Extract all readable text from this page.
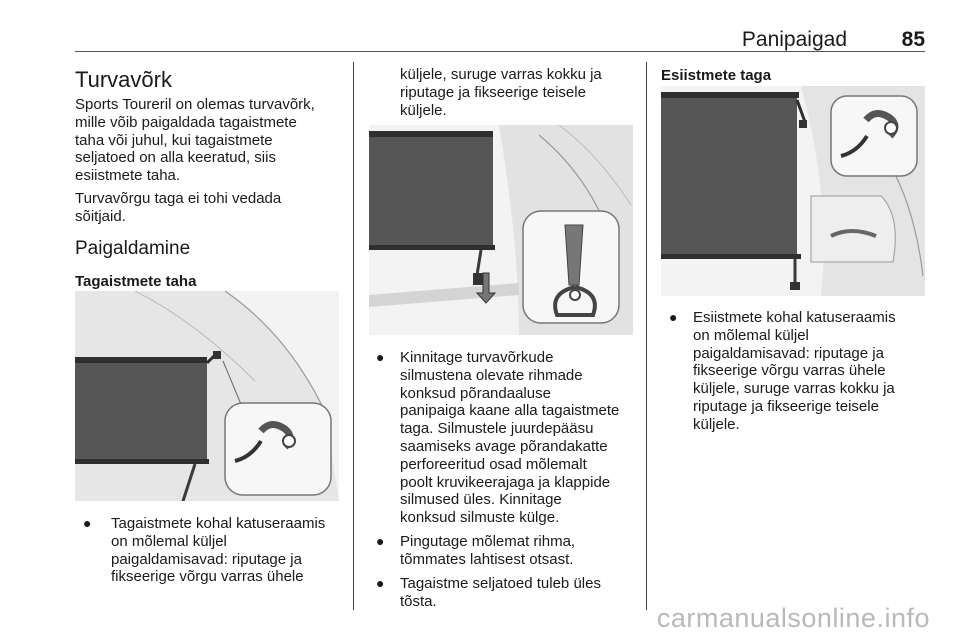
Panipaigad	85
Turvavõrk
Sports Toureril on olemas turvavõrk,
mille võib paigaldada tagaistmete
taha või juhul, kui tagaistmete
seljatoed on alla keeratud, siis
esiistmete taha.
Turvavõrgu taga ei tohi vedada
sõitjaid.
Paigaldamine
Tagaistmete taha
● Tagaistmete kohal katuseraamis
on mõlemal küljel
paigaldamisavad: riputage ja
fikseerige võrgu varras ühele
küljele, suruge varras kokku ja
riputage ja fikseerige teisele
küljele.
● Kinnitage turvavõrkude
silmustena olevate rihmade
konksud põrandaaluse
panipaiga kaane alla tagaistmete
taga. Silmustele juurdepääsu
saamiseks avage põrandakatte
perforeeritud osad mõlemalt
poolt kruvikeerajaga ja klappide
silmused üles. Kinnitage
konksud silmuste külge.
● Pingutage mõlemat rihma,
tõmmates lahtisest otsast.
● Tagaistme seljatoed tuleb üles
tõsta.
Esiistmete taga
● Esiistmete kohal katuseraamis
on mõlemal küljel
paigaldamisavad: riputage ja
fikseerige võrgu varras ühele
küljele, suruge varras kokku ja
riputage ja fikseerige teisele
küljele.
carmanualsonline.info
